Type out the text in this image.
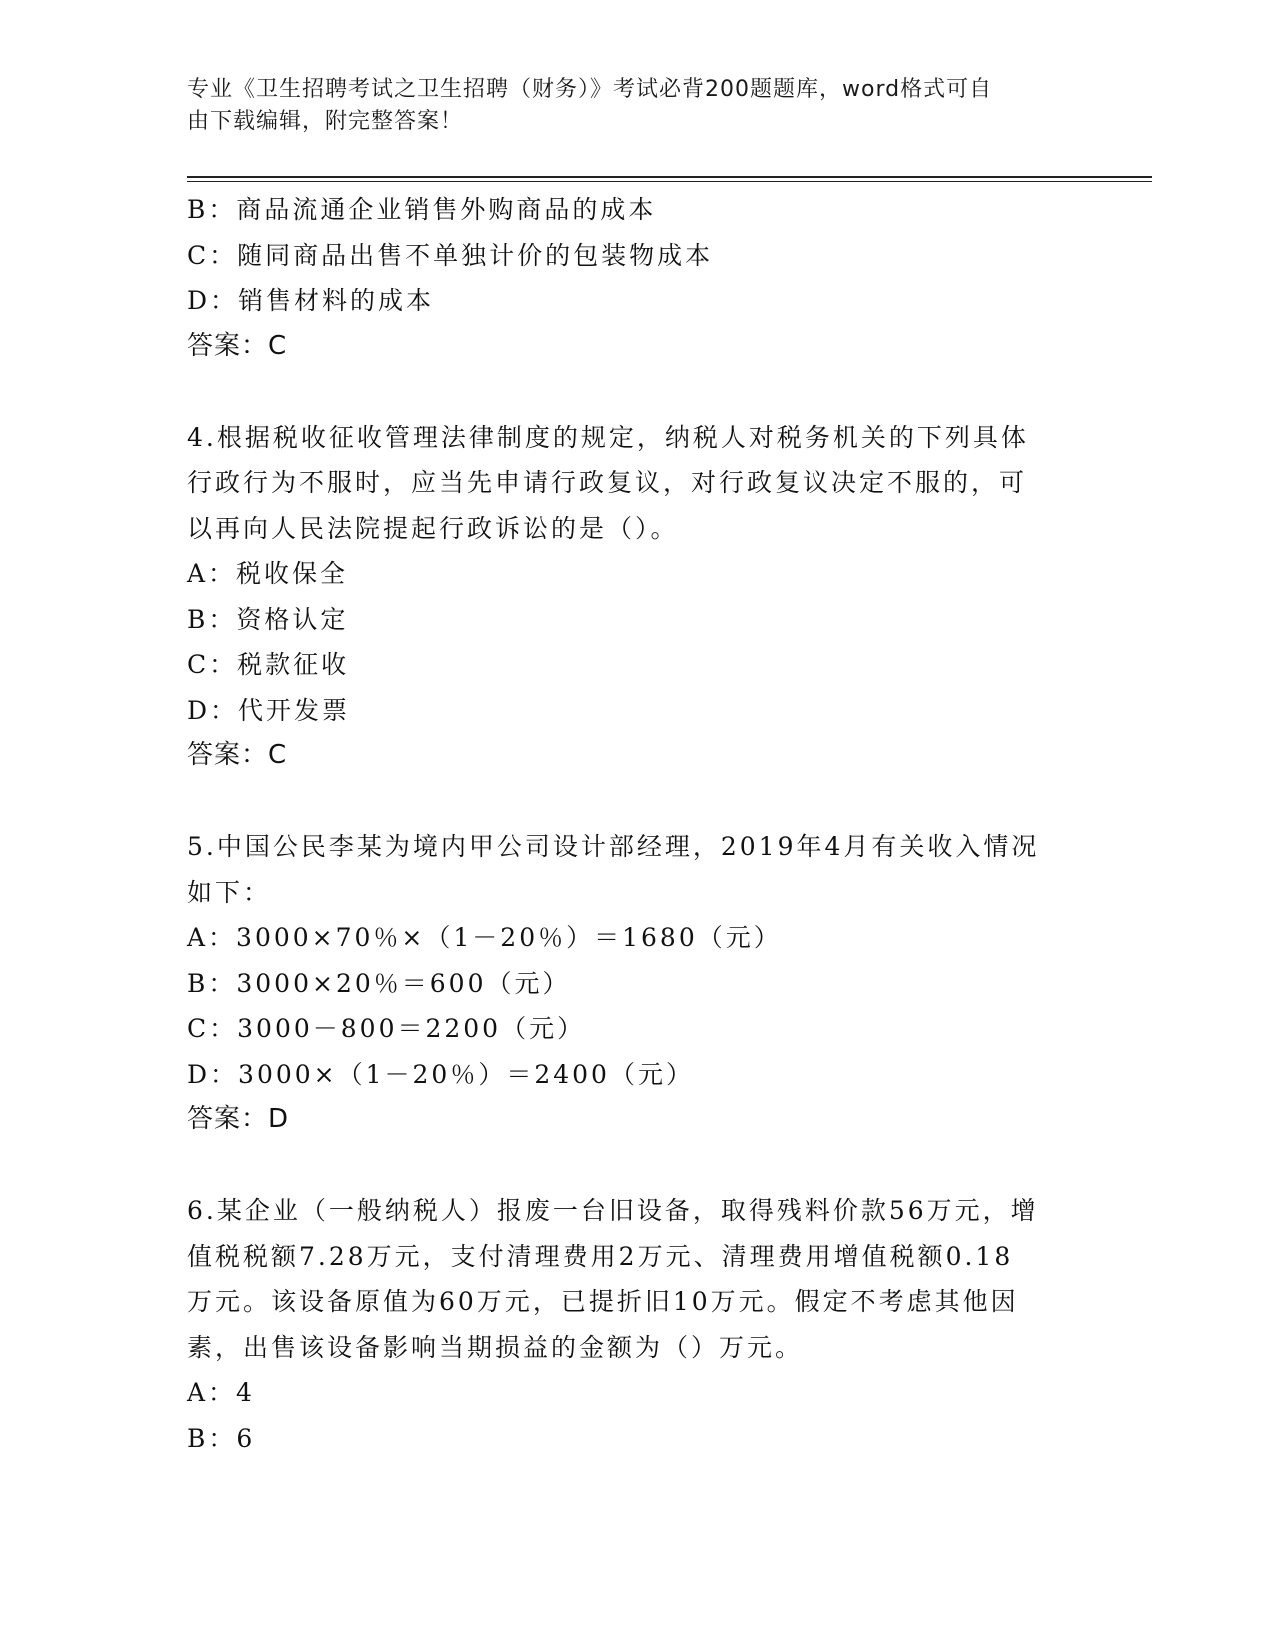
专业《卫生招聘考试之卫生招聘（财务）》考试必背200题题库，word格式可自
由下载编辑，附完整答案！
B：商品流通企业销售外购商品的成本
C：随同商品出售不单独计价的包装物成本
D：销售材料的成本
答案：C
4.根据税收征收管理法律制度的规定，纳税人对税务机关的下列具体
行政行为不服时，应当先申请行政复议，对行政复议决定不服的，可
以再向人民法院提起行政诉讼的是（）。
A：税收保全
B：资格认定
C：税款征收
D：代开发票
答案：C
5.中国公民李某为境内甲公司设计部经理，2019年4月有关收入情况
如下：
A：3000×70％×（1－20％）＝1680（元）
B：3000×20％＝600（元）
C：3000－800＝2200（元）
D：3000×（1－20％）＝2400（元）
答案：D
6.某企业（一般纳税人）报废一台旧设备，取得残料价款56万元，增
值税税额7.28万元，支付清理费用2万元、清理费用增值税额0.18
万元。该设备原值为60万元，已提折旧10万元。假定不考虑其他因
素，出售该设备影响当期损益的金额为（）万元。
A：4
B：6
